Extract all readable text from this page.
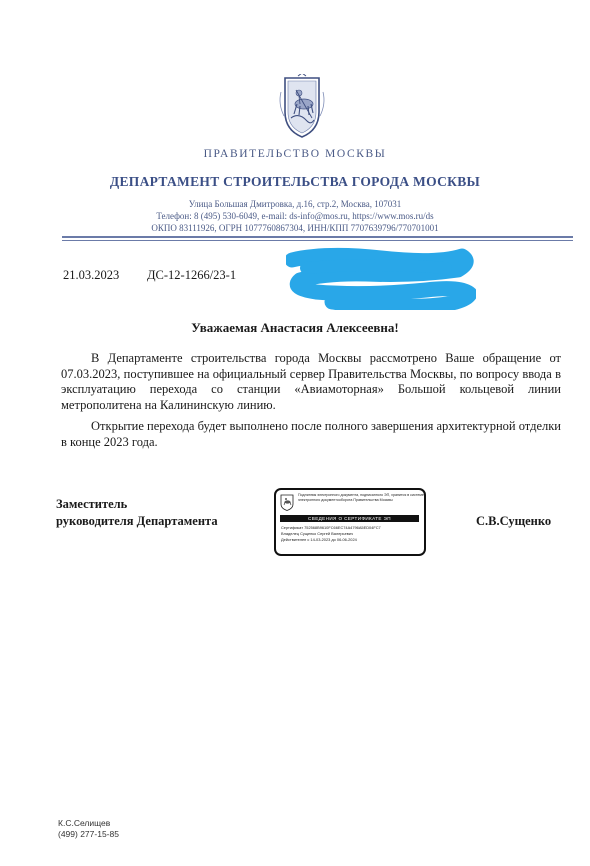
ПРАВИТЕЛЬСТВО МОСКВЫ
ДЕПАРТАМЕНТ СТРОИТЕЛЬСТВА ГОРОДА МОСКВЫ
Улица Большая Дмитровка, д.16, стр.2, Москва, 107031
Телефон: 8 (495) 530-6049, e-mail: ds-info@mos.ru, https://www.mos.ru/ds
ОКПО 83111926, ОГРН 1077760867304, ИНН/КПП 7707639796/770701001
21.03.2023 ДС-12-1266/23-1
Уважаемая Анастасия Алексеевна!
В Департаменте строительства города Москвы рассмотрено Ваше обращение от 07.03.2023, поступившее на официальный сервер Правительства Москвы, по вопросу ввода в эксплуатацию перехода со станции «Авиамоторная» Большой кольцевой линии метрополитена на Калининскую линию.
Открытие перехода будет выполнено после полного завершения архитектурной отделки в конце 2023 года.
Заместитель
руководителя Департамента	С.В.Сущенко
Подлинник электронного документа, подписанного ЭП, хранится в системе электронного документооборота Правительства Москвы
СВЕДЕНИЯ О СЕРТИФИКАТЕ ЭП
Сертификат 752568B9610FC66EC74A4796A5ED04FC7
Владелец Сущенко Сергей Валерьевич
Действителен с 14-03-2023 до 06-06-2024
К.С.Селищев
(499) 277-15-85
